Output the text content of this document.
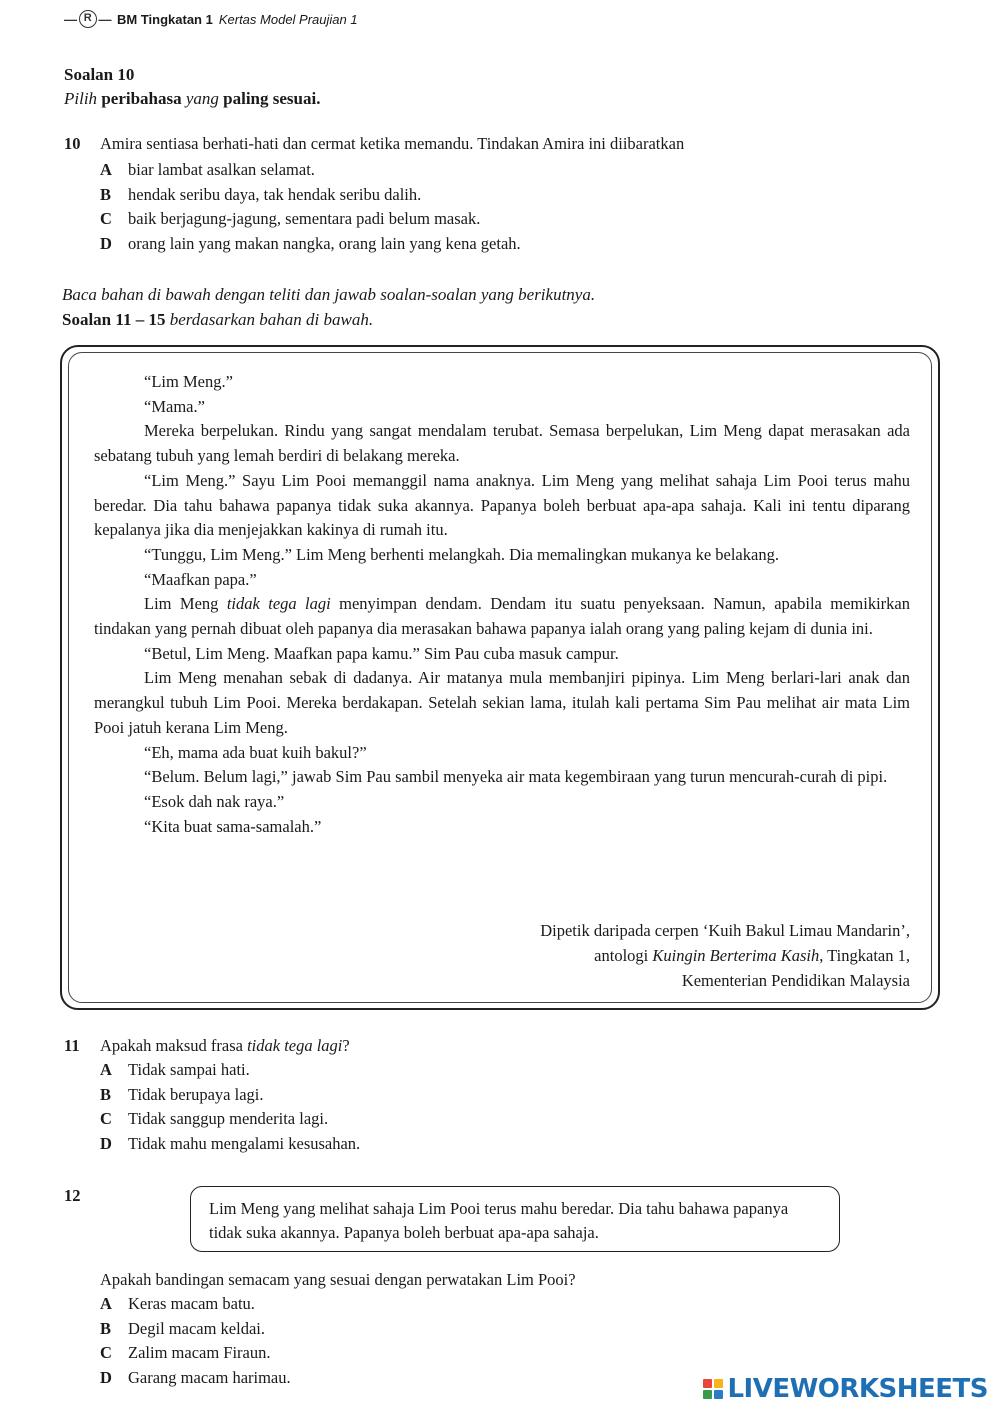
— R — BM Tingkatan 1 Kertas Model Praujian 1
Soalan 10
Pilih peribahasa yang paling sesuai.
10 Amira sentiasa berhati-hati dan cermat ketika memandu. Tindakan Amira ini diibaratkan
A biar lambat asalkan selamat.
B hendak seribu daya, tak hendak seribu dalih.
C baik berjagung-jagung, sementara padi belum masak.
D orang lain yang makan nangka, orang lain yang kena getah.
Baca bahan di bawah dengan teliti dan jawab soalan-soalan yang berikutnya.
Soalan 11 – 15 berdasarkan bahan di bawah.

“Lim Meng.”

“Mama.”

Mereka berpelukan. Rindu yang sangat mendalam terubat. Semasa berpelukan, Lim Meng dapat merasakan ada sebatang tubuh yang lemah berdiri di belakang mereka.

“Lim Meng.” Sayu Lim Pooi memanggil nama anaknya. Lim Meng yang melihat sahaja Lim Pooi terus mahu beredar. Dia tahu bahawa papanya tidak suka akannya. Papanya boleh berbuat apa-apa sahaja. Kali ini tentu diparang kepalanya jika dia menjejakkan kakinya di rumah itu.

“Tunggu, Lim Meng.” Lim Meng berhenti melangkah. Dia memalingkan mukanya ke belakang.

“Maafkan papa.”

Lim Meng tidak tega lagi menyimpan dendam. Dendam itu suatu penyeksaan. Namun, apabila memikirkan tindakan yang pernah dibuat oleh papanya dia merasakan bahawa papanya ialah orang yang paling kejam di dunia ini.

“Betul, Lim Meng. Maafkan papa kamu.” Sim Pau cuba masuk campur.

Lim Meng menahan sebak di dadanya. Air matanya mula membanjiri pipinya. Lim Meng berlari-lari anak dan merangkul tubuh Lim Pooi. Mereka berdakapan. Setelah sekian lama, itulah kali pertama Sim Pau melihat air mata Lim Pooi jatuh kerana Lim Meng.

“Eh, mama ada buat kuih bakul?”

“Belum. Belum lagi,” jawab Sim Pau sambil menyeka air mata kegembiraan yang turun mencurah-curah di pipi.

“Esok dah nak raya.”

“Kita buat sama-samalah.”

Dipetik daripada cerpen ‘Kuih Bakul Limau Mandarin’,
antologi Kuingin Berterima Kasih, Tingkatan 1,
Kementerian Pendidikan Malaysia
11 Apakah maksud frasa tidak tega lagi?
A Tidak sampai hati.
B Tidak berupaya lagi.
C Tidak sanggup menderita lagi.
D Tidak mahu mengalami kesusahan.
12
Lim Meng yang melihat sahaja Lim Pooi terus mahu beredar. Dia tahu bahawa papanya tidak suka akannya. Papanya boleh berbuat apa-apa sahaja.
Apakah bandingan semacam yang sesuai dengan perwatakan Lim Pooi?
A Keras macam batu.
B Degil macam keldai.
C Zalim macam Firaun.
D Garang macam harimau.	LIVEWORKSHEETS
